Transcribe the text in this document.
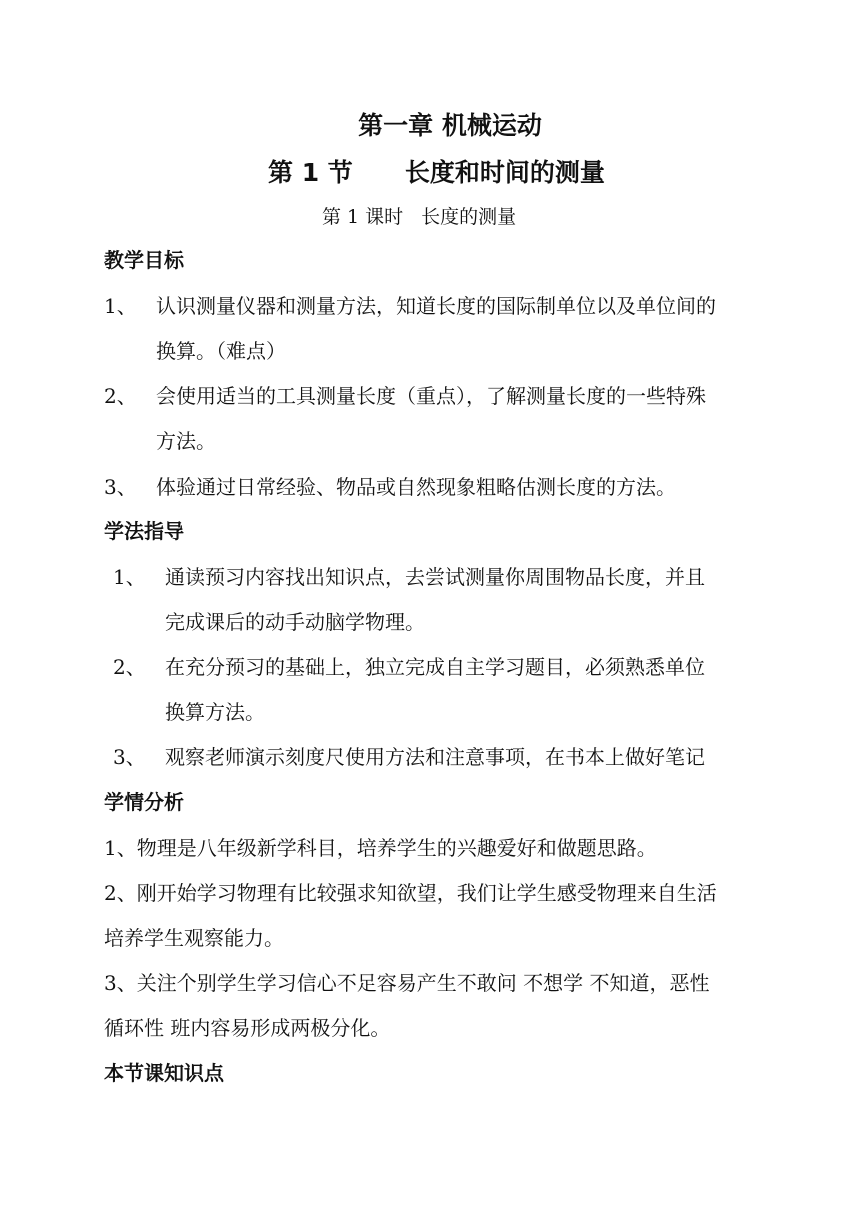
第一章 机械运动
第 1 节 长度和时间的测量
第 1 课时 长度的测量
教学目标
1、 认识测量仪器和测量方法，知道长度的国际制单位以及单位间的
换算。（难点）
2、 会使用适当的工具测量长度（重点），了解测量长度的一些特殊
方法。
3、 体验通过日常经验、物品或自然现象粗略估测长度的方法。
学法指导
1、 通读预习内容找出知识点，去尝试测量你周围物品长度，并且
完成课后的动手动脑学物理。
2、 在充分预习的基础上，独立完成自主学习题目，必须熟悉单位
换算方法。
3、 观察老师演示刻度尺使用方法和注意事项，在书本上做好笔记
学情分析
1、物理是八年级新学科目，培养学生的兴趣爱好和做题思路。
2、刚开始学习物理有比较强求知欲望，我们让学生感受物理来自生活
培养学生观察能力。
3、关注个别学生学习信心不足容易产生不敢问 不想学 不知道，恶性
循环性 班内容易形成两极分化。
本节课知识点
